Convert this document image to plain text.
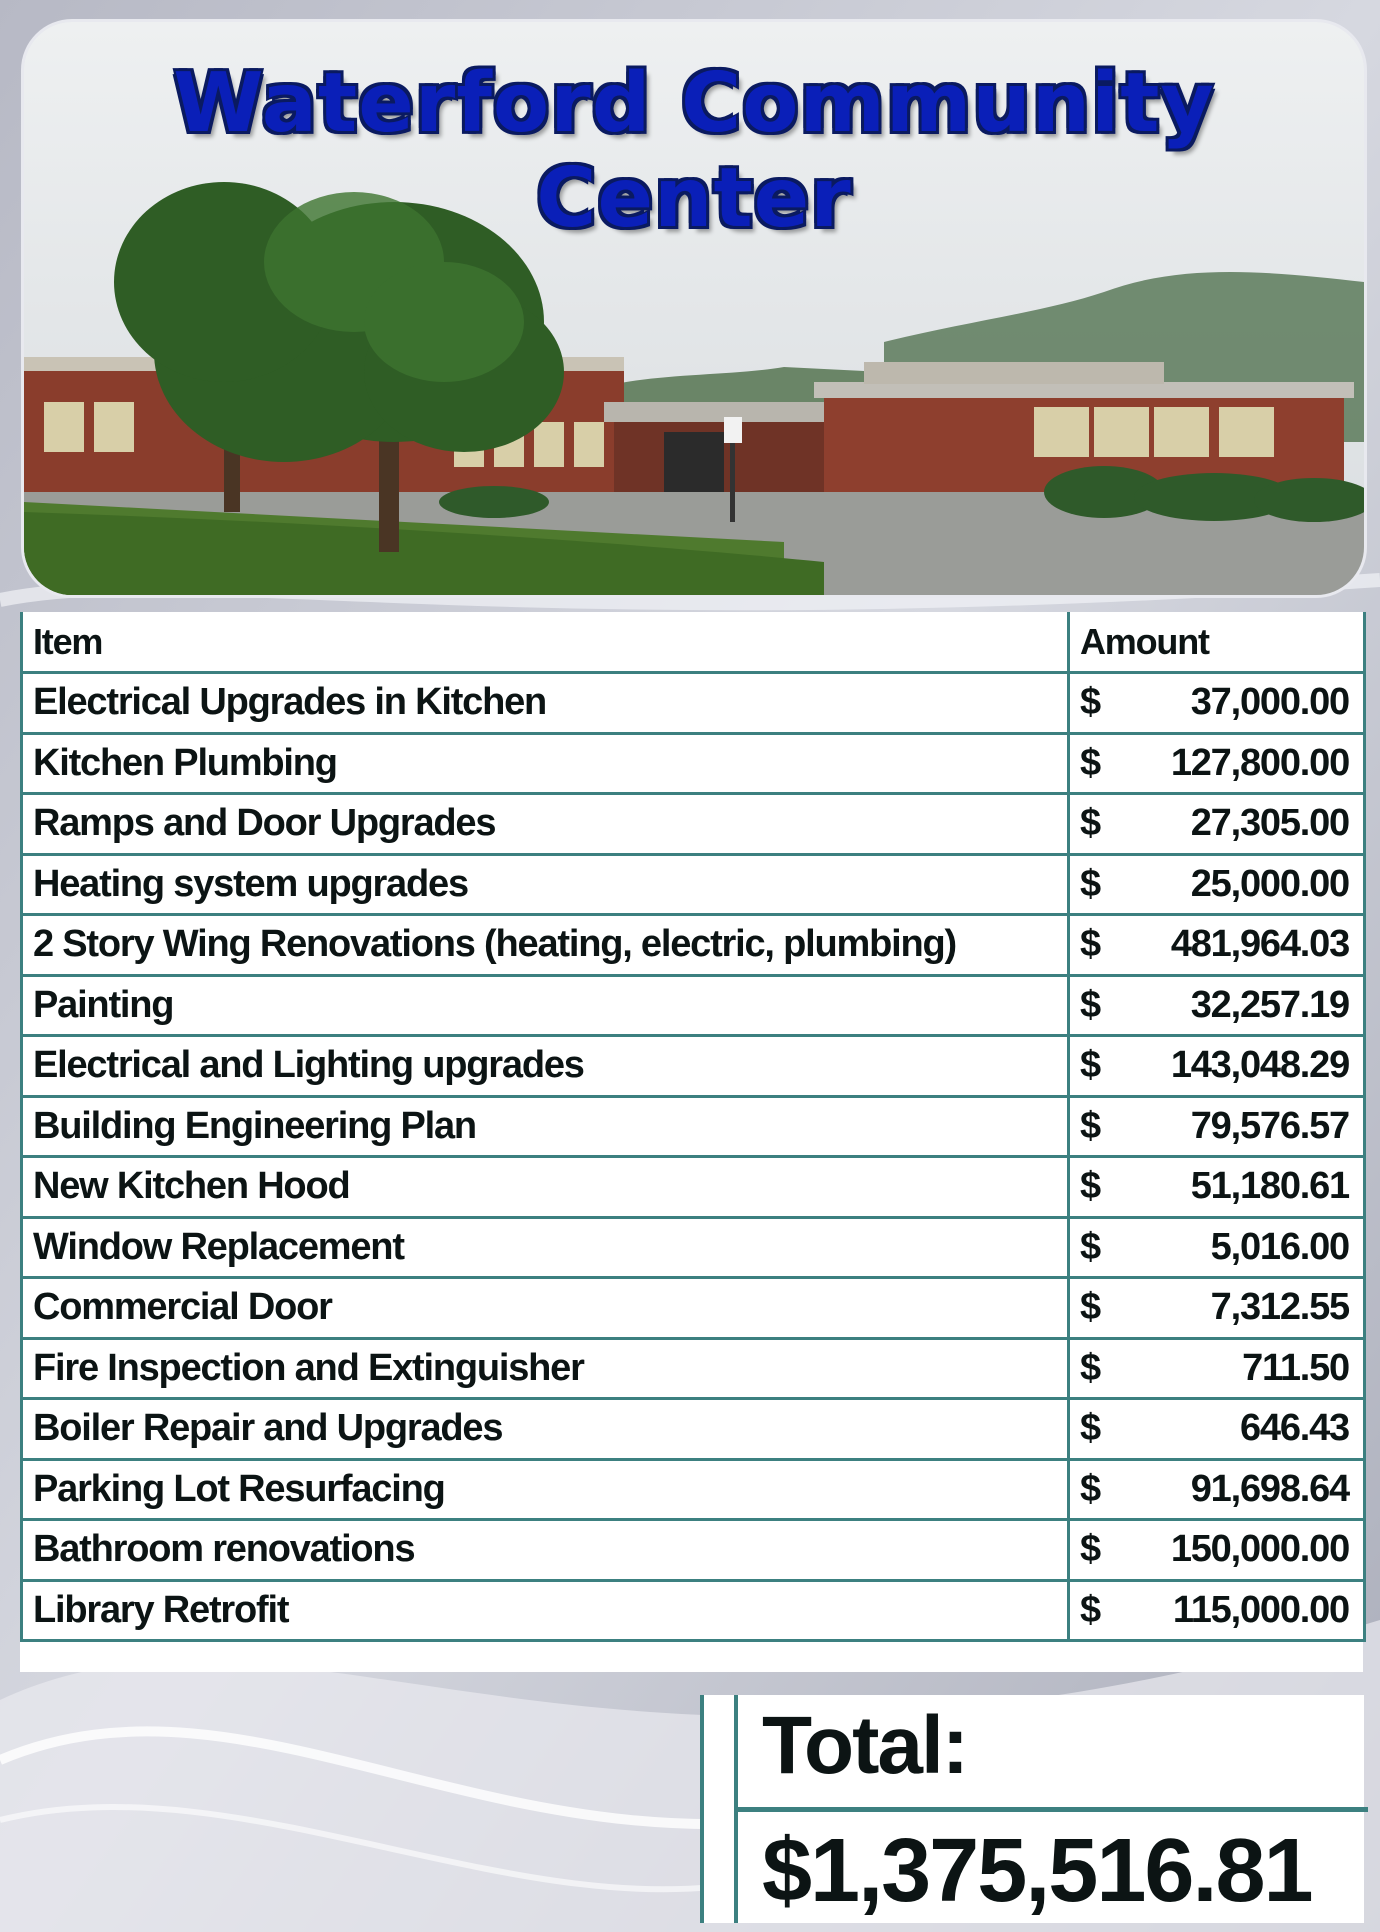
Waterford Community Center
Item	Amount
Electrical Upgrades in Kitchen	$ 37,000.00

Kitchen Plumbing	$ 127,800.00

Ramps and Door Upgrades	$ 27,305.00

Heating system upgrades	$ 25,000.00

2 Story Wing Renovations (heating, electric, plumbing)	$ 481,964.03

Painting	$ 32,257.19

Electrical and Lighting upgrades	$ 143,048.29

Building Engineering Plan	$ 79,576.57

New Kitchen Hood	$ 51,180.61

Window Replacement	$ 5,016.00

Commercial Door	$ 7,312.55

Fire Inspection and Extinguisher	$ 711.50

Boiler Repair and Upgrades	$ 646.43

Parking Lot Resurfacing	$ 91,698.64

Bathroom renovations	$ 150,000.00

Library Retrofit	$ 115,000.00
Total:
$1,375,516.81
